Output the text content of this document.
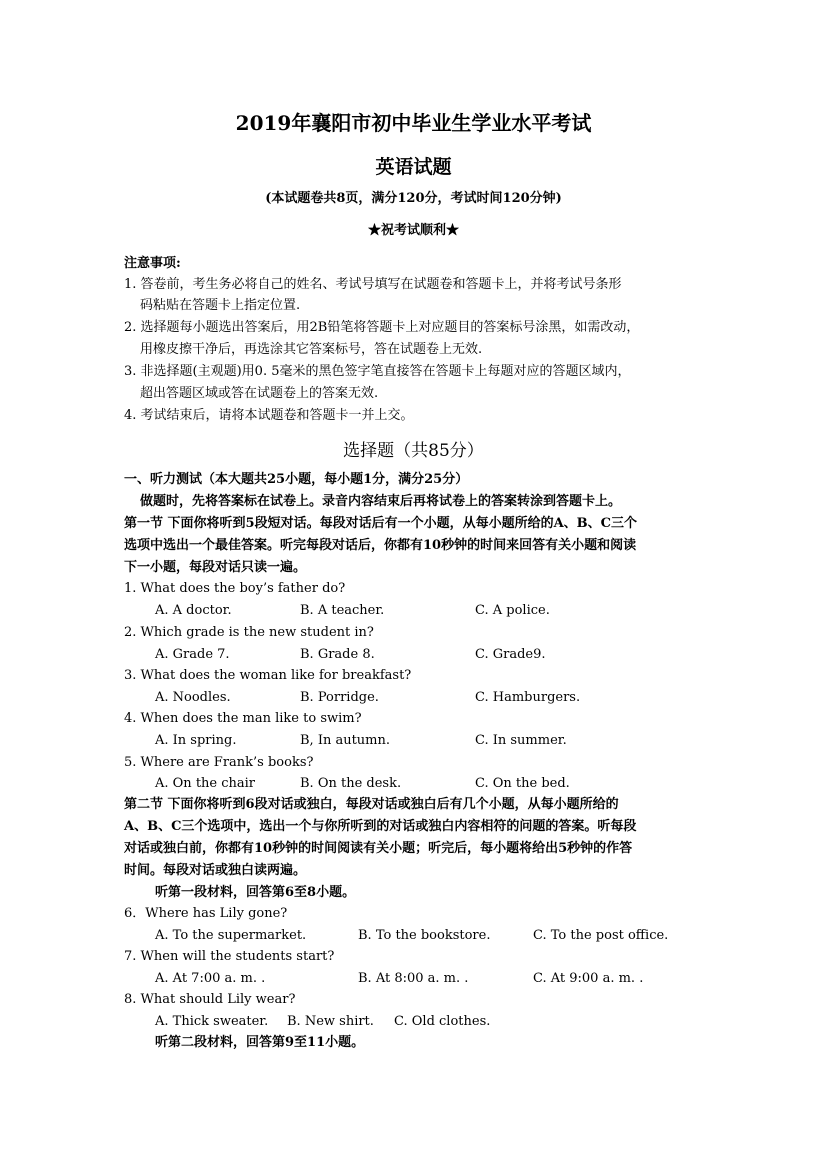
2019年襄阳市初中毕业生学业水平考试
英语试题
(本试题卷共8页，满分120分，考试时间120分钟)
★祝考试顺利★
注意事项:
1. 答卷前，考生务必将自己的姓名、考试号填写在试题卷和答题卡上，并将考试号条形
码粘贴在答题卡上指定位置.
2. 选择题每小题选出答案后，用2B铅笔将答题卡上对应题目的答案标号涂黑，如需改动，
用橡皮擦干净后，再选涂其它答案标号，答在试题卷上无效.
3. 非选择题(主观题)用0. 5毫米的黑色签字笔直接答在答题卡上每题对应的答题区域内，
超出答题区域或答在试题卷上的答案无效.
4. 考试结束后，请将本试题卷和答题卡一并上交。
选择题（共85分）
一、听力测试（本大题共25小题，每小题1分，满分25分）
做题时，先将答案标在试卷上。录音内容结束后再将试卷上的答案转涂到答题卡上。
第一节 下面你将听到5段短对话。每段对话后有一个小题，从每小题所给的A、B、C三个
选项中选出一个最佳答案。听完每段对话后，你都有10秒钟的时间来回答有关小题和阅读
下一小题，每段对话只读一遍。
1. What does the boy’s father do?
A. A doctor.	B. A teacher.	C. A police.
2. Which grade is the new student in?
A. Grade 7.	B. Grade 8.	C. Grade9.
3. What does the woman like for breakfast?
A. Noodles.	B. Porridge.	C. Hamburgers.
4. When does the man like to swim?
A. In spring.	B, In autumn.	C. In summer.
5. Where are Frank’s books?
A. On the chair	B. On the desk.	C. On the bed.
第二节 下面你将听到6段对话或独白，每段对话或独白后有几个小题，从每小题所给的
A、B、C三个选项中，选出一个与你所听到的对话或独白内容相符的问题的答案。听每段
对话或独白前，你都有10秒钟的时间阅读有关小题；听完后，每小题将给出5秒钟的作答
时间。每段对话或独白读两遍。
听第一段材料，回答第6至8小题。
6．Where has Lily gone?
A. To the supermarket.	B. To the bookstore.	C. To the post office.
7. When will the students start?
A. At 7:00 a. m. .	B. At 8:00 a. m. .	C. At 9:00 a. m. .
8. What should Lily wear?
A. Thick sweater. B. New shirt. C. Old clothes.
听第二段材料，回答第9至11小题。
